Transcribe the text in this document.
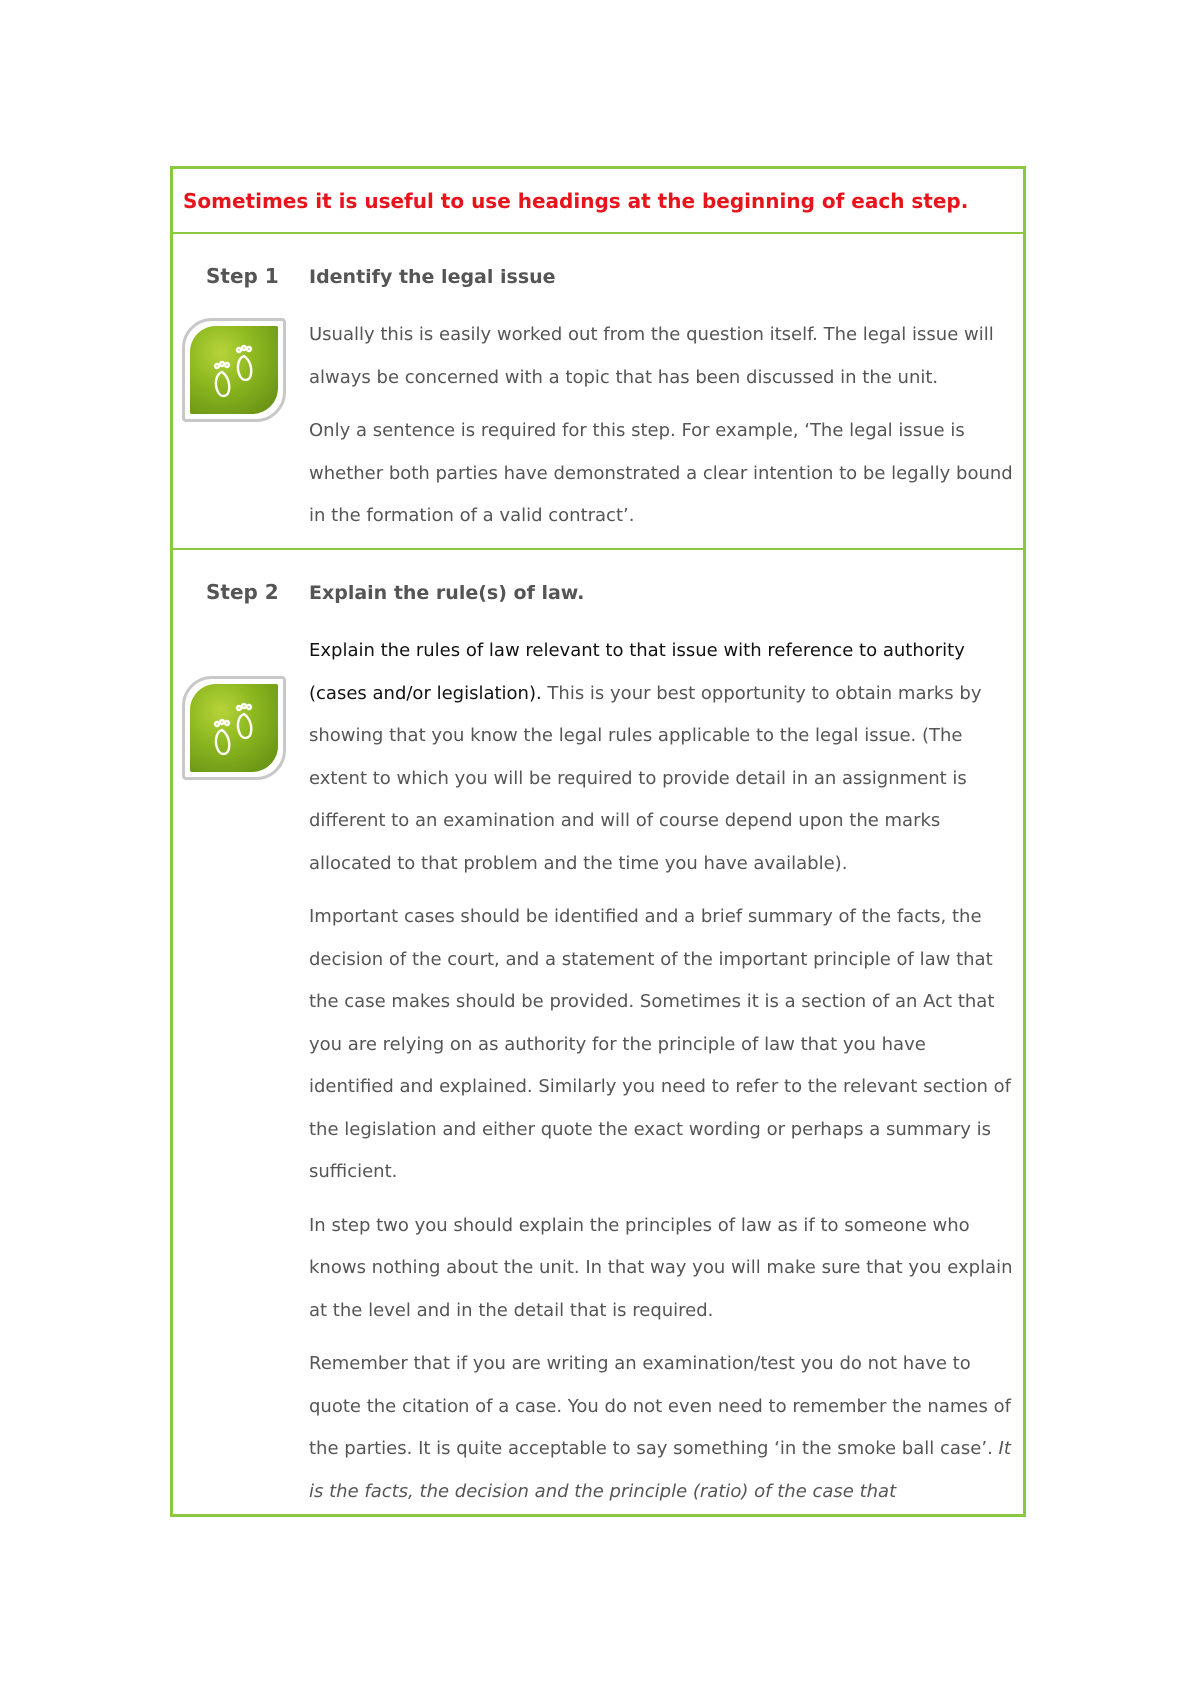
Sometimes it is useful to use headings at the beginning of each step.
Step 1 Identify the legal issue

Usually this is easily worked out from the question itself. The legal issue will always be concerned with a topic that has been discussed in the unit.

Only a sentence is required for this step. For example, ‘The legal issue is whether both parties have demonstrated a clear intention to be legally bound in the formation of a valid contract’.

Step 2 Explain the rule(s) of law.

Explain the rules of law relevant to that issue with reference to authority (cases and/or legislation). This is your best opportunity to obtain marks by showing that you know the legal rules applicable to the legal issue. (The extent to which you will be required to provide detail in an assignment is different to an examination and will of course depend upon the marks allocated to that problem and the time you have available).

Important cases should be identified and a brief summary of the facts, the decision of the court, and a statement of the important principle of law that the case makes should be provided. Sometimes it is a section of an Act that you are relying on as authority for the principle of law that you have identified and explained. Similarly you need to refer to the relevant section of the legislation and either quote the exact wording or perhaps a summary is sufficient.

In step two you should explain the principles of law as if to someone who knows nothing about the unit. In that way you will make sure that you explain at the level and in the detail that is required.

Remember that if you are writing an examination/test you do not have to quote the citation of a case. You do not even need to remember the names of the parties. It is quite acceptable to say something ‘in the smoke ball case’. It is the facts, the decision and the principle (ratio) of the case that
